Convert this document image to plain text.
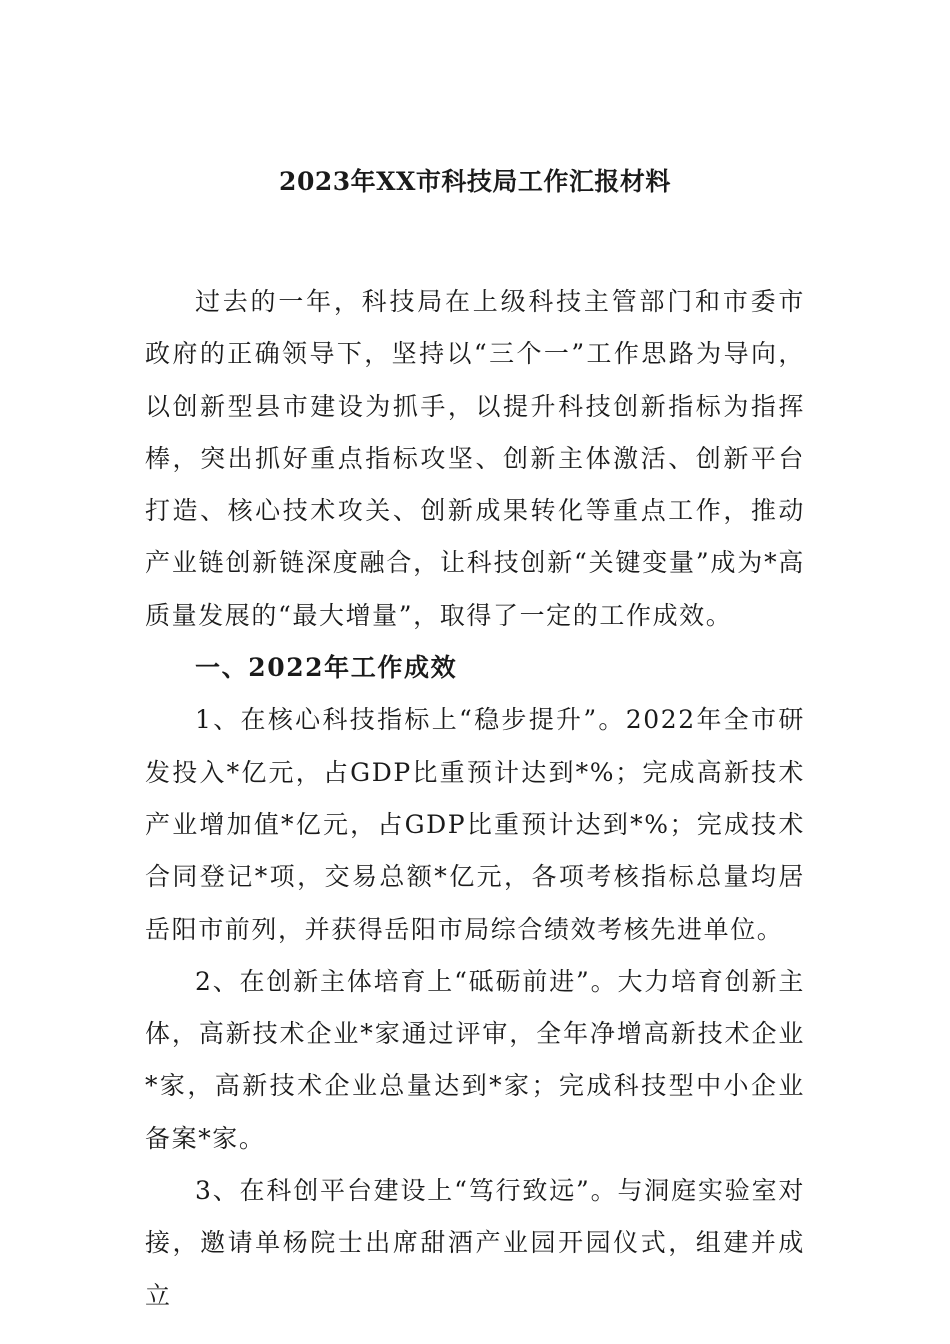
2023年XX市科技局工作汇报材料

过去的一年，科技局在上级科技主管部门和市委市政府的正确领导下，坚持以“三个一”工作思路为导向，以创新型县市建设为抓手，以提升科技创新指标为指挥棒，突出抓好重点指标攻坚、创新主体激活、创新平台打造、核心技术攻关、创新成果转化等重点工作，推动产业链创新链深度融合，让科技创新“关键变量”成为*高质量发展的“最大增量”，取得了一定的工作成效。

一、2022年工作成效

1、在核心科技指标上“稳步提升”。2022年全市研发投入*亿元，占GDP比重预计达到*%；完成高新技术产业增加值*亿元，占GDP比重预计达到*%；完成技术合同登记*项，交易总额*亿元，各项考核指标总量均居岳阳市前列，并获得岳阳市局综合绩效考核先进单位。

2、在创新主体培育上“砥砺前进”。大力培育创新主体，高新技术企业*家通过评审，全年净增高新技术企业*家，高新技术企业总量达到*家；完成科技型中小企业备案*家。

3、在科创平台建设上“笃行致远”。与洞庭实验室对接，邀请单杨院士出席甜酒产业园开园仪式，组建并成立
